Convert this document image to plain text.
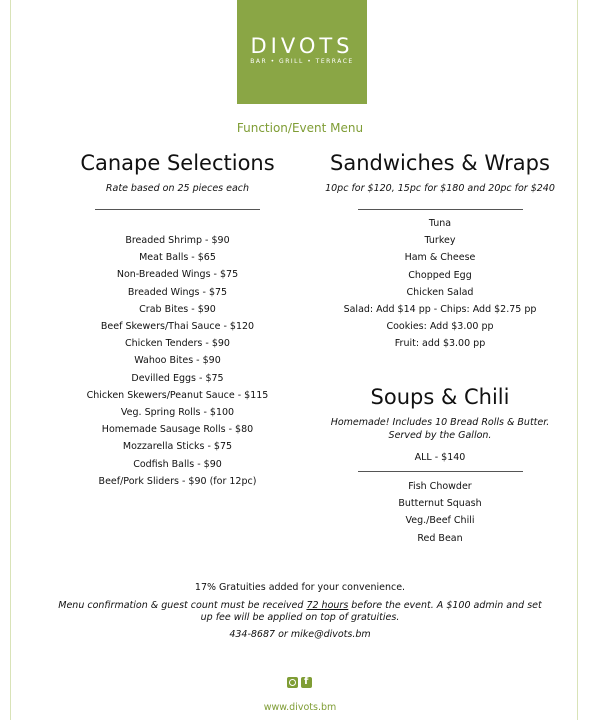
DIVOTS
BAR • GRILL • TERRACE
Function/Event Menu
Canape Selections
Rate based on 25 pieces each
Breaded Shrimp - $90
Meat Balls - $65
Non-Breaded Wings - $75
Breaded Wings - $75
Crab Bites - $90
Beef Skewers/Thai Sauce - $120
Chicken Tenders - $90
Wahoo Bites - $90
Devilled Eggs - $75
Chicken Skewers/Peanut Sauce - $115
Veg. Spring Rolls - $100
Homemade Sausage Rolls - $80
Mozzarella Sticks - $75
Codfish Balls - $90
Beef/Pork Sliders - $90 (for 12pc)
Sandwiches & Wraps
10pc for $120, 15pc for $180 and 20pc for $240
Tuna
Turkey
Ham & Cheese
Chopped Egg
Chicken Salad
Salad: Add $14 pp - Chips: Add $2.75 pp
Cookies: Add $3.00 pp
Fruit: add $3.00 pp
Soups & Chili
Homemade! Includes 10 Bread Rolls & Butter.
Served by the Gallon.
ALL - $140
Fish Chowder
Butternut Squash
Veg./Beef Chili
Red Bean
17% Gratuities added for your convenience.
Menu confirmation & guest count must be received 72 hours before the event. A $100 admin and set
up fee will be applied on top of gratuities.
434-8687 or mike@divots.bm
f
www.divots.bm
